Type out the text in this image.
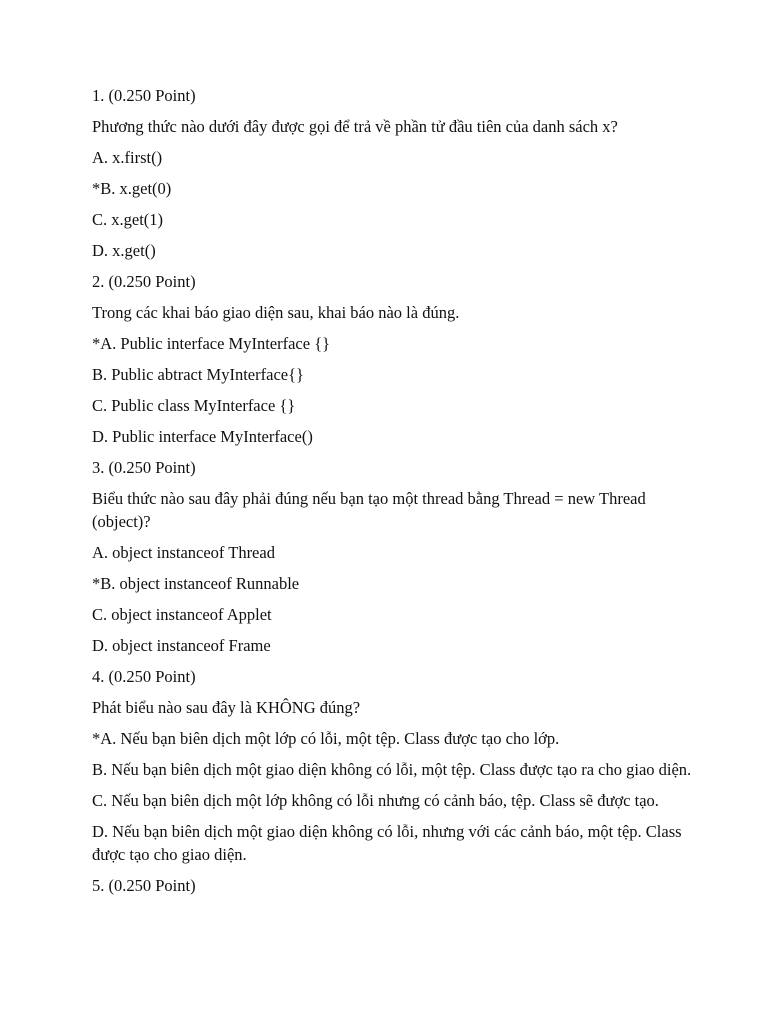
1. (0.250 Point)
Phương thức nào dưới đây được gọi để trả về phần tử đầu tiên của danh sách x?
A. x.first()
*B. x.get(0)
C. x.get(1)
D. x.get()
2. (0.250 Point)
Trong các khai báo giao diện sau, khai báo nào là đúng.
*A. Public interface MyInterface {}
B. Public abtract MyInterface{}
C. Public class MyInterface {}
D. Public interface MyInterface()
3. (0.250 Point)
Biểu thức nào sau đây phải đúng nếu bạn tạo một thread bằng Thread = new Thread (object)?
A. object instanceof Thread
*B. object instanceof Runnable
C. object instanceof Applet
D. object instanceof Frame
4. (0.250 Point)
Phát biểu nào sau đây là KHÔNG đúng?
*A. Nếu bạn biên dịch một lớp có lỗi, một tệp. Class được tạo cho lớp.
B. Nếu bạn biên dịch một giao diện không có lỗi, một tệp. Class được tạo ra cho giao diện.
C. Nếu bạn biên dịch một lớp không có lỗi nhưng có cảnh báo, tệp. Class sẽ được tạo.
D. Nếu bạn biên dịch một giao diện không có lỗi, nhưng với các cảnh báo, một tệp. Class được tạo cho giao diện.
5. (0.250 Point)
